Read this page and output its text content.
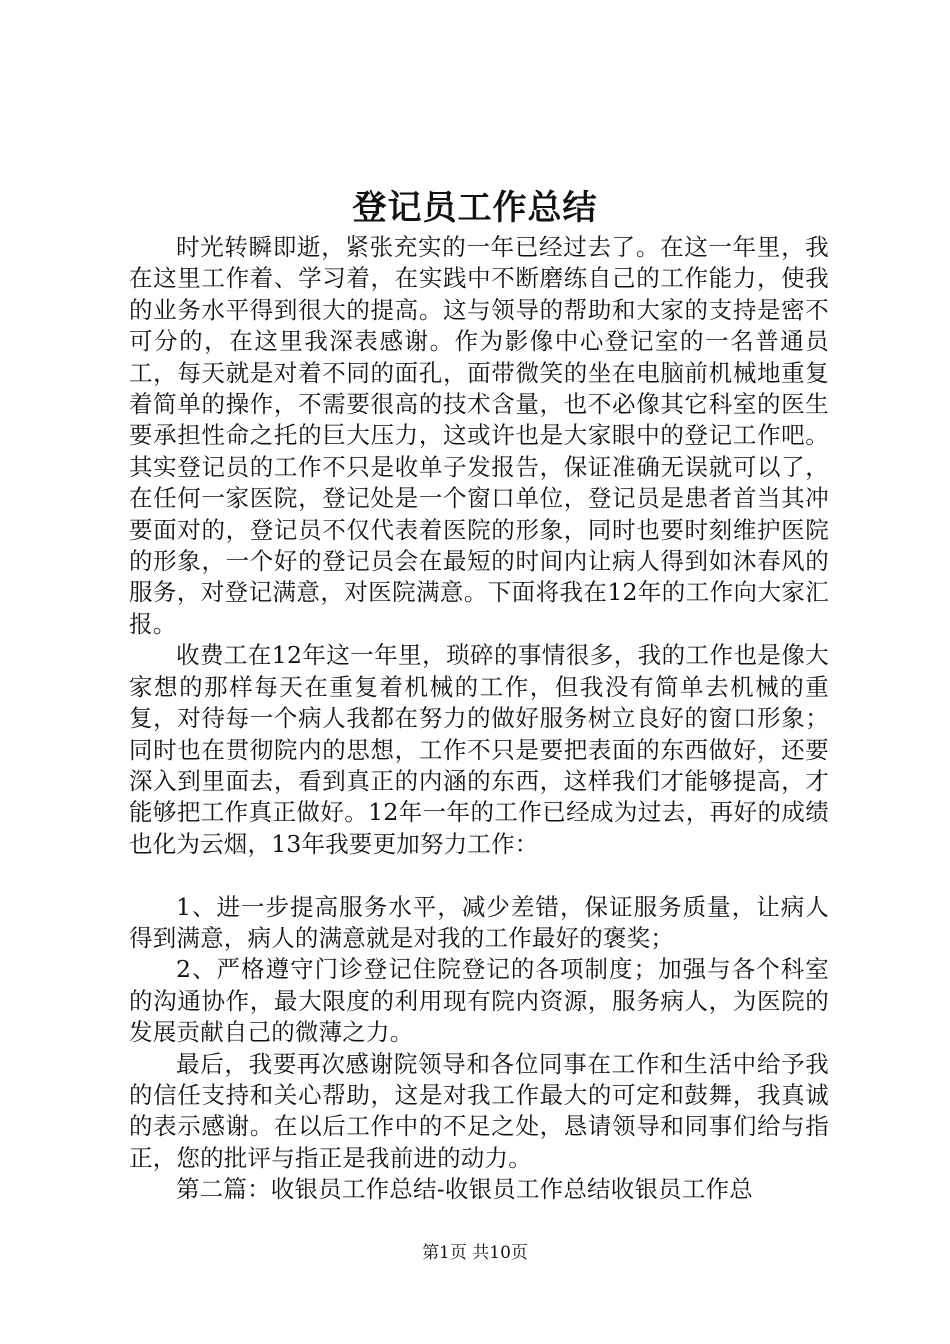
登记员工作总结

时光转瞬即逝，紧张充实的一年已经过去了。在这一年里，我在这里工作着、学习着，在实践中不断磨练自己的工作能力，使我的业务水平得到很大的提高。这与领导的帮助和大家的支持是密不可分的，在这里我深表感谢。作为影像中心登记室的一名普通员工，每天就是对着不同的面孔，面带微笑的坐在电脑前机械地重复着简单的操作，不需要很高的技术含量，也不必像其它科室的医生要承担性命之托的巨大压力，这或许也是大家眼中的登记工作吧。其实登记员的工作不只是收单子发报告，保证准确无误就可以了，在任何一家医院，登记处是一个窗口单位，登记员是患者首当其冲要面对的，登记员不仅代表着医院的形象，同时也要时刻维护医院的形象，一个好的登记员会在最短的时间内让病人得到如沐春风的服务，对登记满意，对医院满意。下面将我在12年的工作向大家汇报。

收费工在12年这一年里，琐碎的事情很多，我的工作也是像大家想的那样每天在重复着机械的工作，但我没有简单去机械的重复，对待每一个病人我都在努力的做好服务树立良好的窗口形象；同时也在贯彻院内的思想，工作不只是要把表面的东西做好，还要深入到里面去，看到真正的内涵的东西，这样我们才能够提高，才能够把工作真正做好。12年一年的工作已经成为过去，再好的成绩也化为云烟，13年我要更加努力工作：

1、进一步提高服务水平，减少差错，保证服务质量，让病人得到满意，病人的满意就是对我的工作最好的褒奖；

2、严格遵守门诊登记住院登记的各项制度；加强与各个科室的沟通协作，最大限度的利用现有院内资源，服务病人，为医院的发展贡献自己的微薄之力。

最后，我要再次感谢院领导和各位同事在工作和生活中给予我的信任支持和关心帮助，这是对我工作最大的可定和鼓舞，我真诚的表示感谢。在以后工作中的不足之处，恳请领导和同事们给与指正，您的批评与指正是我前进的动力。

第二篇：收银员工作总结-收银员工作总结收银员工作总

第1页 共10页
